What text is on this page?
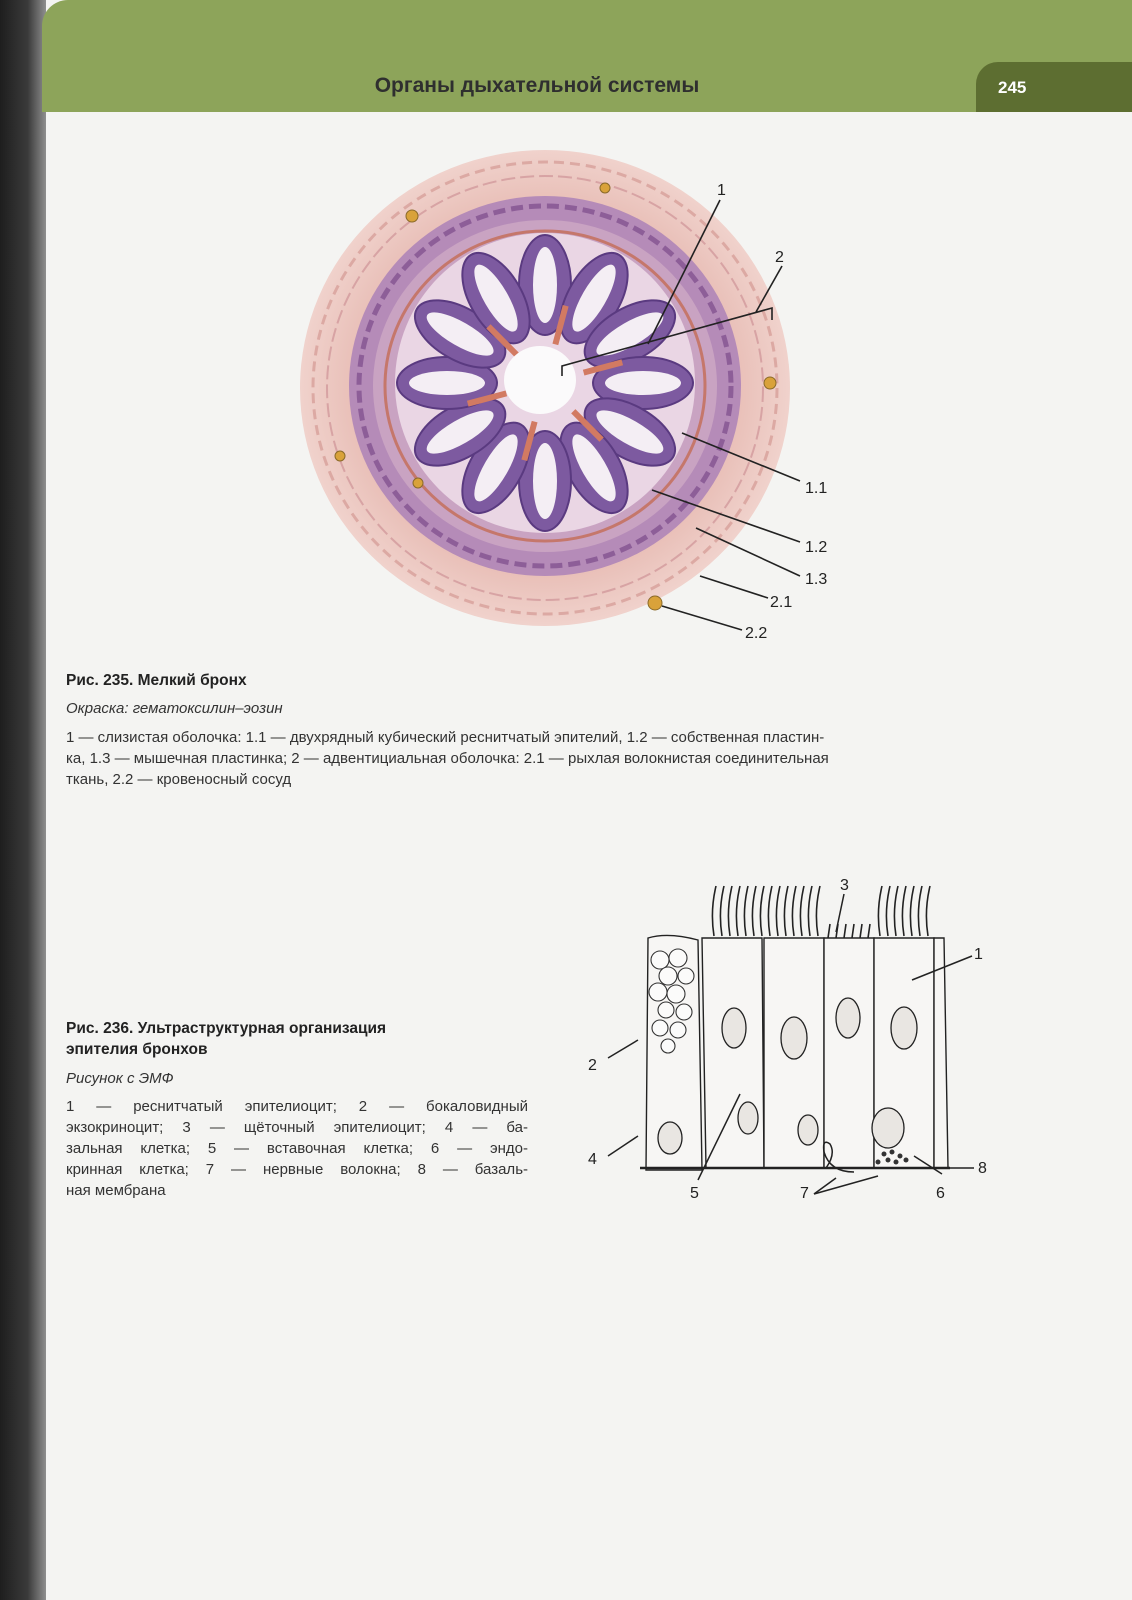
Органы дыхательной системы	245
1
2
1.1
1.2
1.3
2.1
2.2
Рис. 235. Мелкий бронх
Окраска: гематоксилин–эозин
1 — слизистая оболочка: 1.1 — двухрядный кубический реснитчатый эпителий, 1.2 — собственная пластин-
ка, 1.3 — мышечная пластинка; 2 — адвентициальная оболочка: 2.1 — рыхлая волокнистая соединительная
ткань, 2.2 — кровеносный сосуд
3
1
2
4
8
5	7	6
Рис. 236. Ультраструктурная организация
эпителия бронхов
Рисунок с ЭМФ
1 — реснитчатый эпителиоцит; 2 — бокаловидный
экзокриноцит; 3 — щёточный эпителиоцит; 4 — ба-
зальная клетка; 5 — вставочная клетка; 6 — эндо-
кринная клетка; 7 — нервные волокна; 8 — базаль-
ная мембрана
